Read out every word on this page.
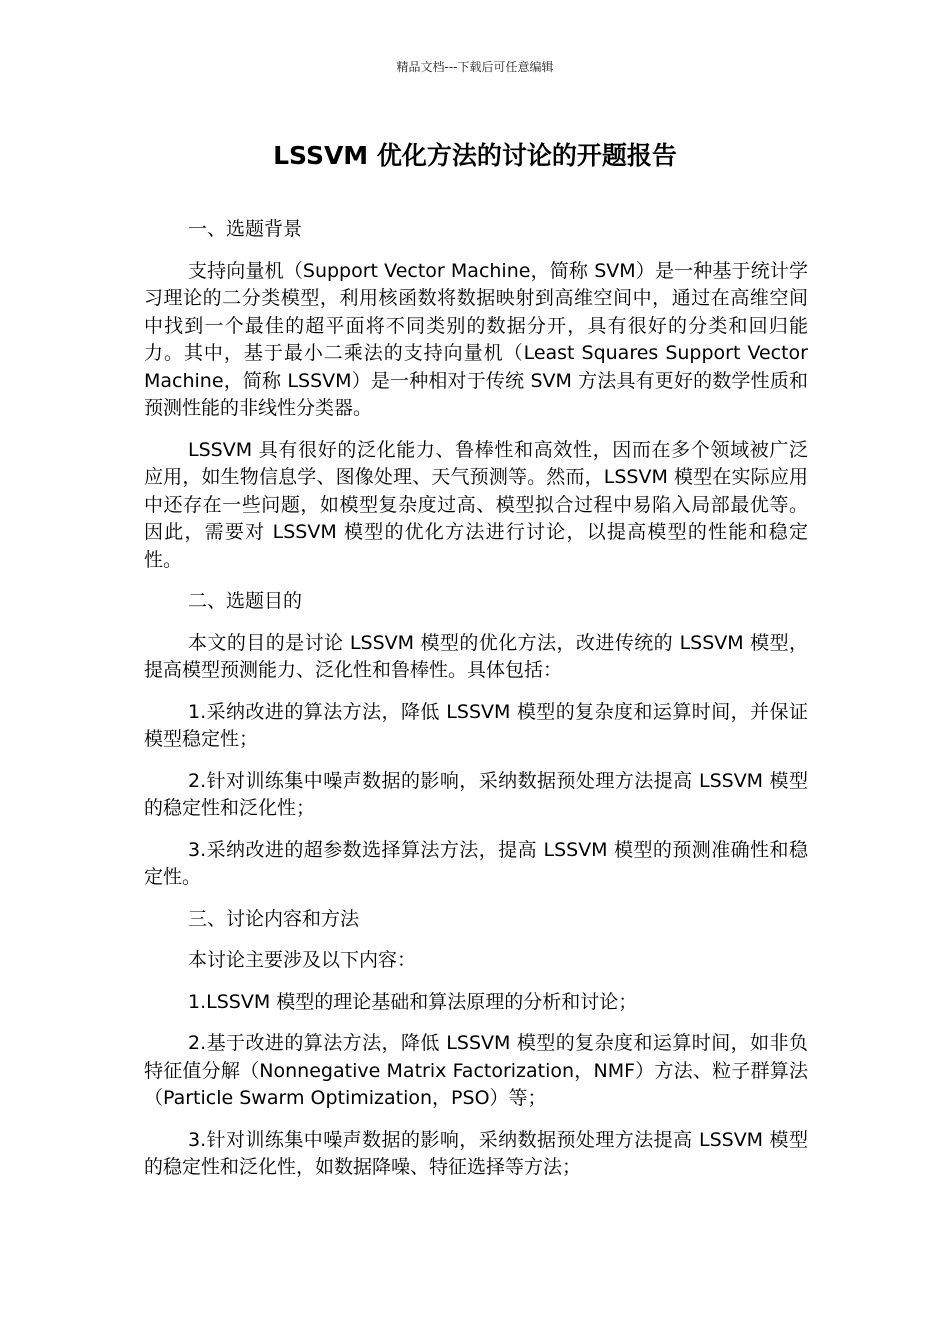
精品文档---下载后可任意编辑
LSSVM 优化方法的讨论的开题报告

一、选题背景

支持向量机（Support Vector Machine，简称 SVM）是一种基于统计学习理论的二分类模型，利用核函数将数据映射到高维空间中，通过在高维空间中找到一个最佳的超平面将不同类别的数据分开，具有很好的分类和回归能力。其中，基于最小二乘法的支持向量机（Least Squares Support Vector Machine，简称 LSSVM）是一种相对于传统 SVM 方法具有更好的数学性质和预测性能的非线性分类器。

LSSVM 具有很好的泛化能力、鲁棒性和高效性，因而在多个领域被广泛应用，如生物信息学、图像处理、天气预测等。然而，LSSVM 模型在实际应用中还存在一些问题，如模型复杂度过高、模型拟合过程中易陷入局部最优等。因此，需要对 LSSVM 模型的优化方法进行讨论，以提高模型的性能和稳定性。

二、选题目的

本文的目的是讨论 LSSVM 模型的优化方法，改进传统的 LSSVM 模型，提高模型预测能力、泛化性和鲁棒性。具体包括：

1.采纳改进的算法方法，降低 LSSVM 模型的复杂度和运算时间，并保证模型稳定性；

2.针对训练集中噪声数据的影响，采纳数据预处理方法提高 LSSVM 模型的稳定性和泛化性；

3.采纳改进的超参数选择算法方法，提高 LSSVM 模型的预测准确性和稳定性。

三、讨论内容和方法

本讨论主要涉及以下内容：

1.LSSVM 模型的理论基础和算法原理的分析和讨论；

2.基于改进的算法方法，降低 LSSVM 模型的复杂度和运算时间，如非负特征值分解（Nonnegative Matrix Factorization，NMF）方法、粒子群算法（Particle Swarm Optimization，PSO）等；

3.针对训练集中噪声数据的影响，采纳数据预处理方法提高 LSSVM 模型的稳定性和泛化性，如数据降噪、特征选择等方法；
